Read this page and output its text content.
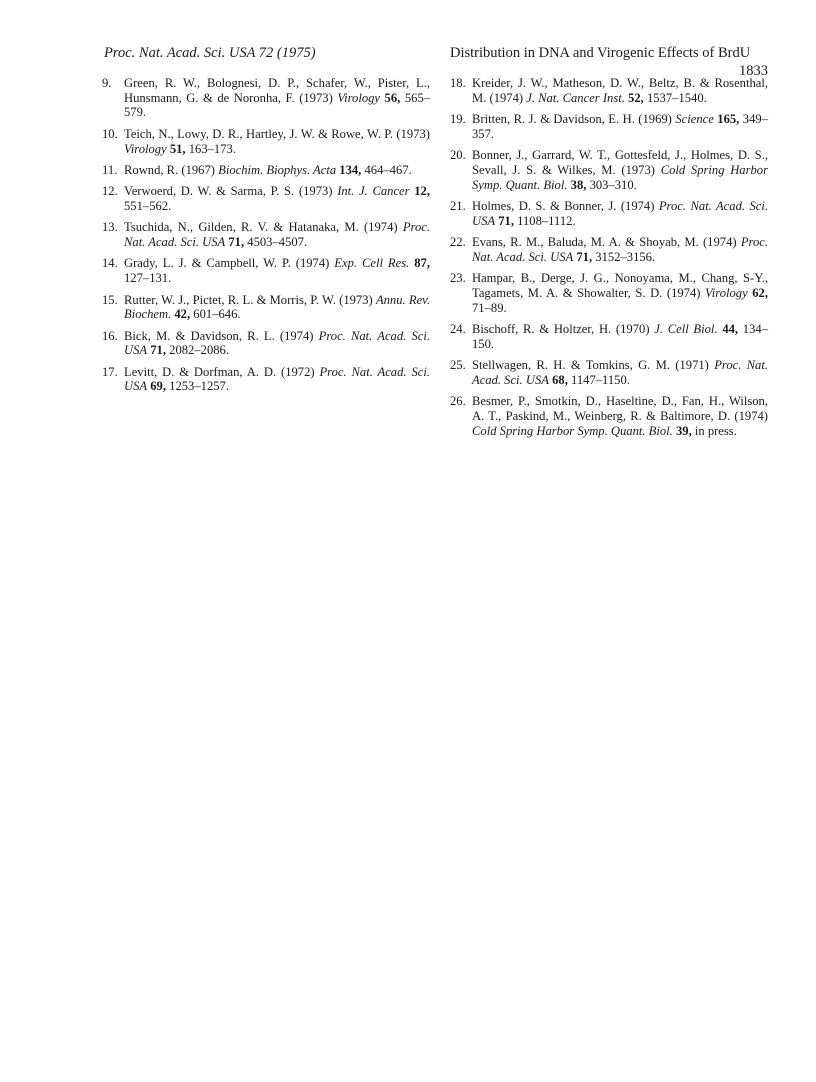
Proc. Nat. Acad. Sci. USA 72 (1975)	Distribution in DNA and Virogenic Effects of BrdU
1833
9. Green, R. W., Bolognesi, D. P., Schafer, W., Pister, L., Hunsmann, G. & de Noronha, F. (1973) Virology 56, 565–579.
10. Teich, N., Lowy, D. R., Hartley, J. W. & Rowe, W. P. (1973) Virology 51, 163–173.
11. Rownd, R. (1967) Biochim. Biophys. Acta 134, 464–467.
12. Verwoerd, D. W. & Sarma, P. S. (1973) Int. J. Cancer 12, 551–562.
13. Tsuchida, N., Gilden, R. V. & Hatanaka, M. (1974) Proc. Nat. Acad. Sci. USA 71, 4503–4507.
14. Grady, L. J. & Campbell, W. P. (1974) Exp. Cell Res. 87, 127–131.
15. Rutter, W. J., Pictet, R. L. & Morris, P. W. (1973) Annu. Rev. Biochem. 42, 601–646.
16. Bick, M. & Davidson, R. L. (1974) Proc. Nat. Acad. Sci. USA 71, 2082–2086.
17. Levitt, D. & Dorfman, A. D. (1972) Proc. Nat. Acad. Sci. USA 69, 1253–1257.
18. Kreider, J. W., Matheson, D. W., Beltz, B. & Rosenthal, M. (1974) J. Nat. Cancer Inst. 52, 1537–1540.
19. Britten, R. J. & Davidson, E. H. (1969) Science 165, 349–357.
20. Bonner, J., Garrard, W. T., Gottesfeld, J., Holmes, D. S., Sevall, J. S. & Wilkes, M. (1973) Cold Spring Harbor Symp. Quant. Biol. 38, 303–310.
21. Holmes, D. S. & Bonner, J. (1974) Proc. Nat. Acad. Sci. USA 71, 1108–1112.
22. Evans, R. M., Baluda, M. A. & Shoyab, M. (1974) Proc. Nat. Acad. Sci. USA 71, 3152–3156.
23. Hampar, B., Derge, J. G., Nonoyama, M., Chang, S-Y., Tagamets, M. A. & Showalter, S. D. (1974) Virology 62, 71–89.
24. Bischoff, R. & Holtzer, H. (1970) J. Cell Biol. 44, 134–150.
25. Stellwagen, R. H. & Tomkins, G. M. (1971) Proc. Nat. Acad. Sci. USA 68, 1147–1150.
26. Besmer, P., Smotkin, D., Haseltine, D., Fan, H., Wilson, A. T., Paskind, M., Weinberg, R. & Baltimore, D. (1974) Cold Spring Harbor Symp. Quant. Biol. 39, in press.
